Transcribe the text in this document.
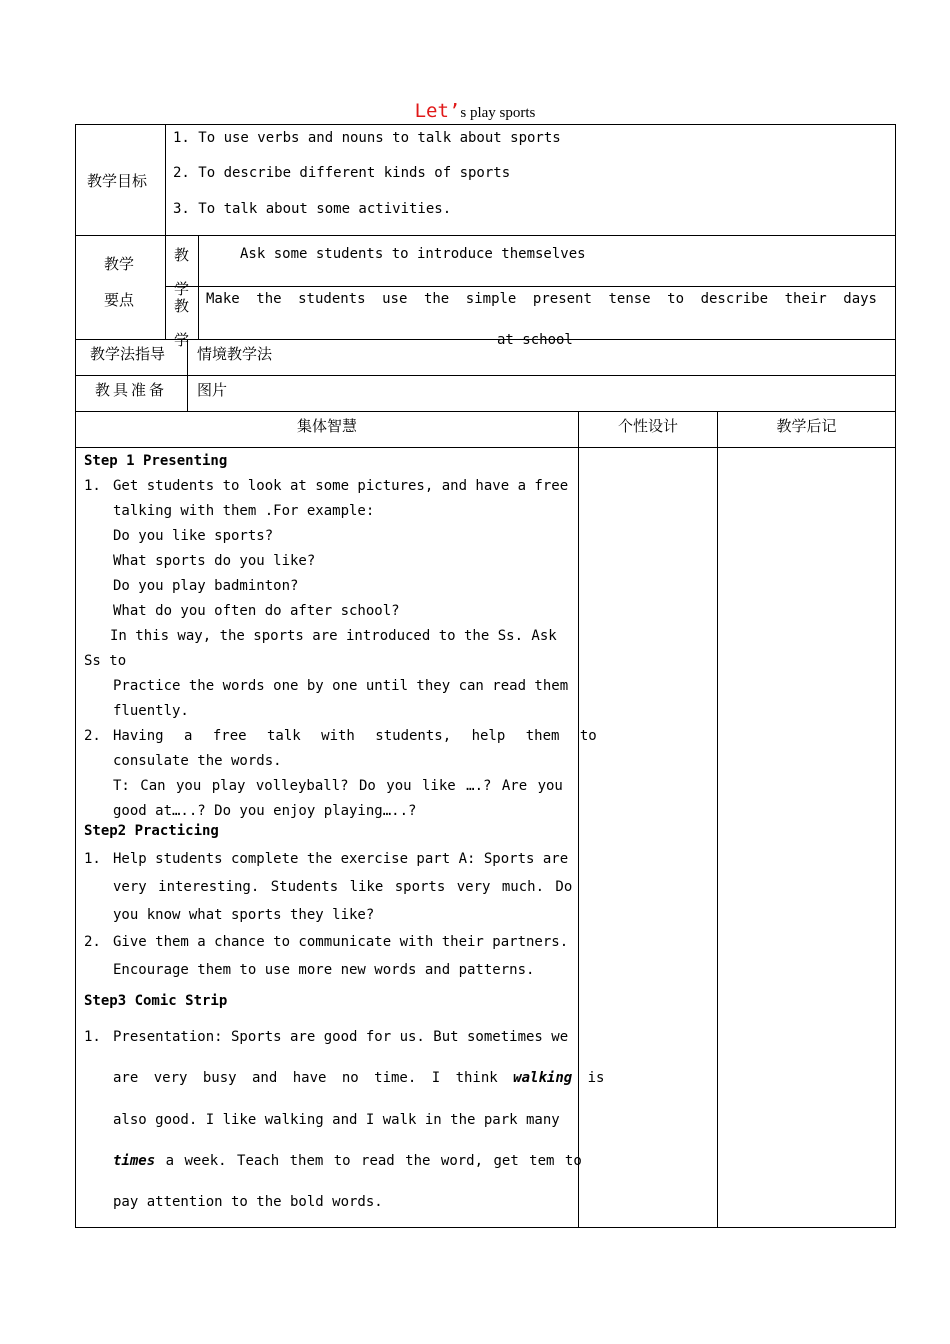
Let’s play sports
教学目标
1. To use verbs and nouns to talk about sports
2. To describe different kinds of sports
3. To talk about some activities.
教学
要点
教学
Ask some students to introduce themselves
教学
Make the students use the simple present tense to describe their days
at school
教学法指导 情境教学法
教具准备 图片
集体智慧	个性设计	教学后记
Step 1 Presenting
1. Get students to look at some pictures, and have a free
talking with them .For example:
Do you like sports?
What sports do you like?
Do you play badminton?
What do you often do after school?
In this way, the sports are introduced to the Ss. Ask
Ss to
Practice the words one by one until they can read them
fluently.
2. Having a free talk with students, help them to
consulate the words.
T: Can you play volleyball? Do you like ….? Are you
good at…..? Do you enjoy playing…..?
Step2 Practicing
1. Help students complete the exercise part A: Sports are
very interesting. Students like sports very much. Do
you know what sports they like?
2. Give them a chance to communicate with their partners.
Encourage them to use more new words and patterns.
Step3 Comic Strip
1. Presentation: Sports are good for us. But sometimes we
are very busy and have no time. I think walking is
also good. I like walking and I walk in the park many
times a week. Teach them to read the word, get tem to
pay attention to the bold words.
